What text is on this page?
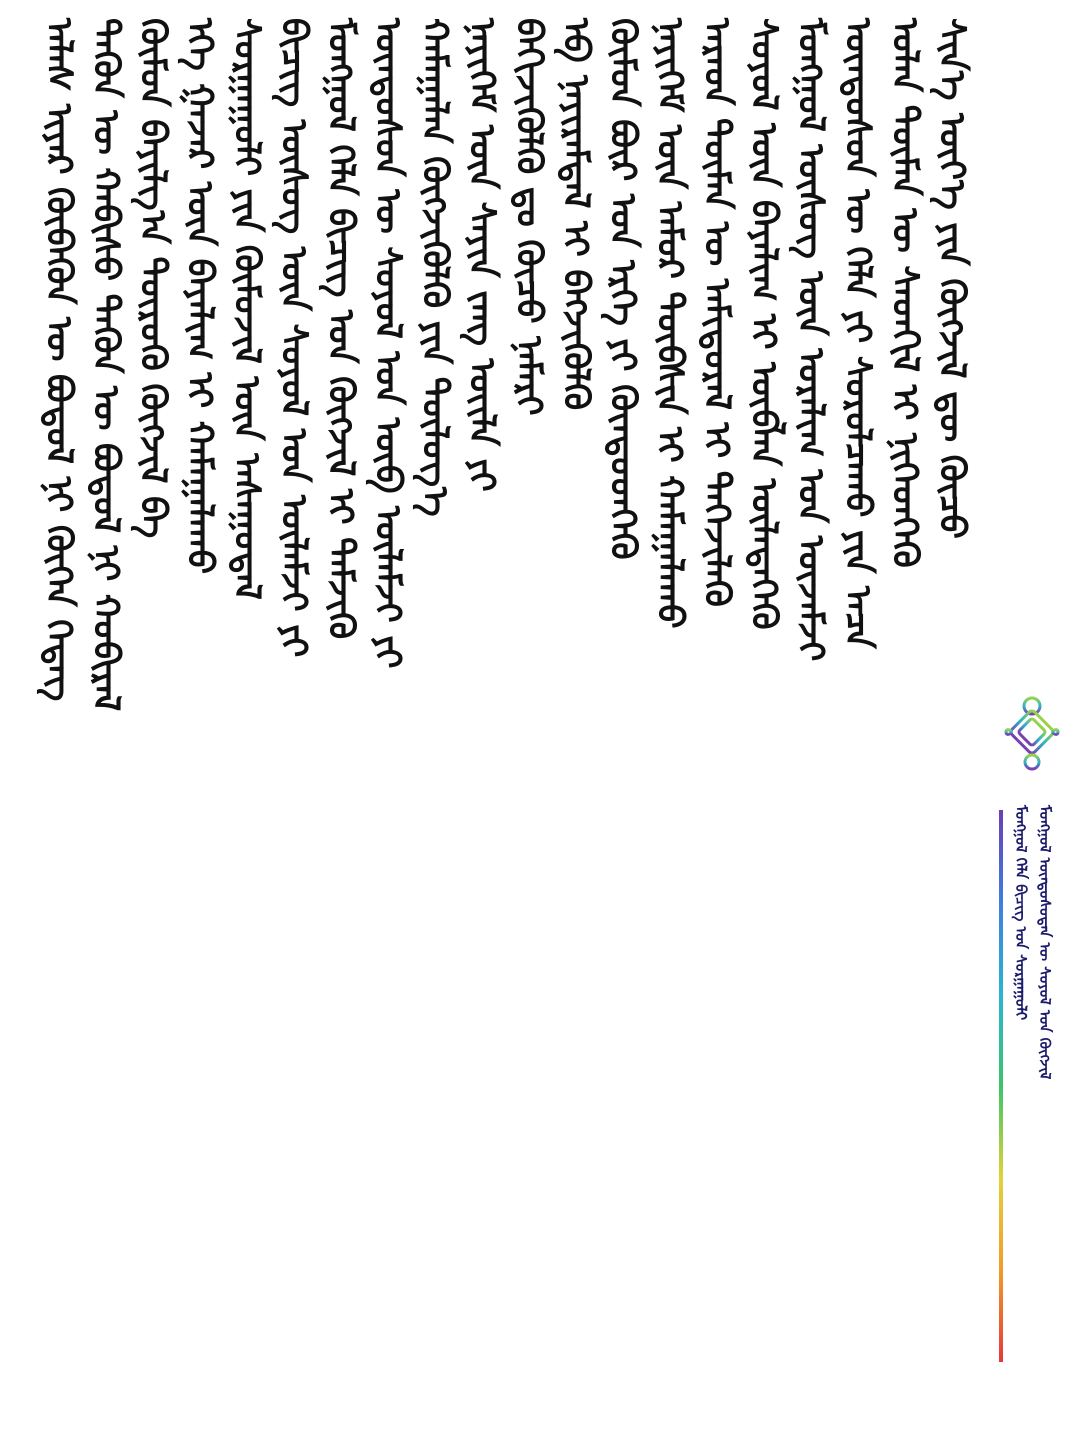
ᠠᠯᠠᠰ ᠢᠶᠠᠷ ᠬᠥᠪᠡᠭᠦᠨ ᠦ ᠪᠤᠳᠤᠯ ᠨᠢ ᠬᠥᠬᠡᠨ ᠭᠡᠳᠡᠭ ᠲᠡᠭᠦᠨ ᠦ ᠬᠠᠪᠢᠰᠤ ᠲᠡᠭᠦᠨ ᠦ ᠪᠤᠳᠤᠯ ᠨᠢ ᠬᠤᠪᠢᠷᠠᠯ ᠬᠦᠮᠦᠨ ᠪᠠᠶᠢᠯᠭ᠎ᠠ ᠲᠦᠷᠦᠬᠦ ᠬᠥᠭᠵᠢᠯ ᠪᠠ ᠡᠬᠡ ᠭᠠᠵᠠᠷ ᠦᠨ ᠪᠠᠶᠠᠯᠢᠭ ᠢ ᠬᠠᠮᠠᠭᠠᠯᠠᠬᠤ ᠰᠤᠷᠭᠠᠭᠤᠯᠢ ᠶᠢᠨ ᠬᠦᠮᠦᠵᠢᠯ ᠦᠨ ᠠᠰᠠᠭᠤᠳᠠᠯ ᠪᠢᠴᠢᠭ ᠦᠰᠦᠭ ᠦᠨ ᠰᠤᠶᠤᠯ ᠤᠨ ᠦᠯᠡᠮᠵᠢ ᠶᠢ ᠮᠣᠩᠭᠣᠯ ᠬᠡᠯᠡ ᠪᠢᠴᠢᠭ ᠤᠨ ᠬᠥᠭᠵᠢᠯ ᠢ ᠳᠡᠮᠵᠢᠬᠦ ᠦᠨᠳᠦᠰᠦᠨ ᠦ ᠰᠤᠶᠤᠯ ᠤᠨ ᠥᠪ ᠦᠯᠡᠮᠵᠢ ᠶᠢ ᠬᠠᠮᠠᠭᠠᠯᠠᠨ ᠬᠥᠭᠵᠢᠭᠦᠯᠬᠦ ᠶᠢᠨ ᠲᠥᠯᠥᠭ᠎ᠡ ᠨᠡᠶᠢᠭᠡᠮ ᠦᠨ ᠰᠠᠶᠢᠨ ᠵᠠᠩ ᠦᠢᠯᠡ ᠶᠢ ᠪᠡᠬᠢᠵᠢᠭᠦᠯᠬᠦ ᠳᠤ ᠬᠦᠴᠦ ᠨᠡᠮᠡᠷᠢ ᠡᠪ ᠨᠠᠶᠢᠷᠠᠮᠳᠠᠯ ᠢ ᠪᠡᠬᠵᠢᠭᠦᠯᠬᠦ ᠬᠦᠮᠦᠨ ᠪᠦᠷ ᠤᠨ ᠡᠷᠬᠡ ᠶᠢ ᠬᠦᠨᠳᠦᠳᠬᠡᠬᠦ ᠨᠡᠶᠢᠭᠡᠮ ᠦᠨ ᠠᠮᠤᠷ ᠲᠦᠪᠰᠢᠨ ᠢ ᠬᠠᠮᠠᠭᠠᠯᠠᠬᠤ ᠠᠷᠠᠳ ᠲᠦᠮᠡᠨ ᠦ ᠠᠮᠢᠳᠤᠷᠠᠯ ᠢ ᠳᠡᠭᠡᠵᠢᠯᠡᠬᠦ ᠰᠤᠶᠤᠯ ᠦᠨ ᠪᠠᠶᠠᠯᠢᠭ ᠢ ᠥᠪᠯᠡᠨ ᠦᠯᠡᠳᠡᠭᠡᠬᠦ ᠮᠣᠩᠭᠣᠯ ᠦᠰᠦᠭ ᠦᠨ ᠤᠷᠠᠯᠢᠭ ᠤᠨ ᠦᠵᠡᠮᠵᠢ ᠦᠨᠳᠦᠰᠦᠨ ᠦ ᠬᠡᠯᠡ ᠶᠢ ᠰᠤᠷᠤᠯᠴᠠᠬᠤ ᠶᠢᠨ ᠠᠴᠠ ᠣᠯᠠᠨ ᠲᠦᠮᠡᠨ ᠦ ᠰᠡᠳᠬᠢᠯ ᠢ ᠨᠢᠭᠡᠳᠭᠡᠬᠦ ᠰᠢᠨ᠎ᠡ ᠦᠶ᠎ᠡ ᠶᠢᠨ ᠬᠥᠭᠵᠢᠯ ᠳᠦ ᠬᠦᠴᠦ
ᠮᠣᠩᠭᠣᠯ ᠬᠡᠯᠡ ᠪᠢᠴᠢᠭ ᠤᠨ ᠰᠤᠷᠭᠠᠭᠤᠯᠢ ᠮᠣᠩᠭᠣᠯ ᠦᠨᠳᠦᠰᠦᠲᠡᠨ ᠦ ᠰᠤᠶᠤᠯ ᠤᠨ ᠬᠥᠭᠵᠢᠯ
